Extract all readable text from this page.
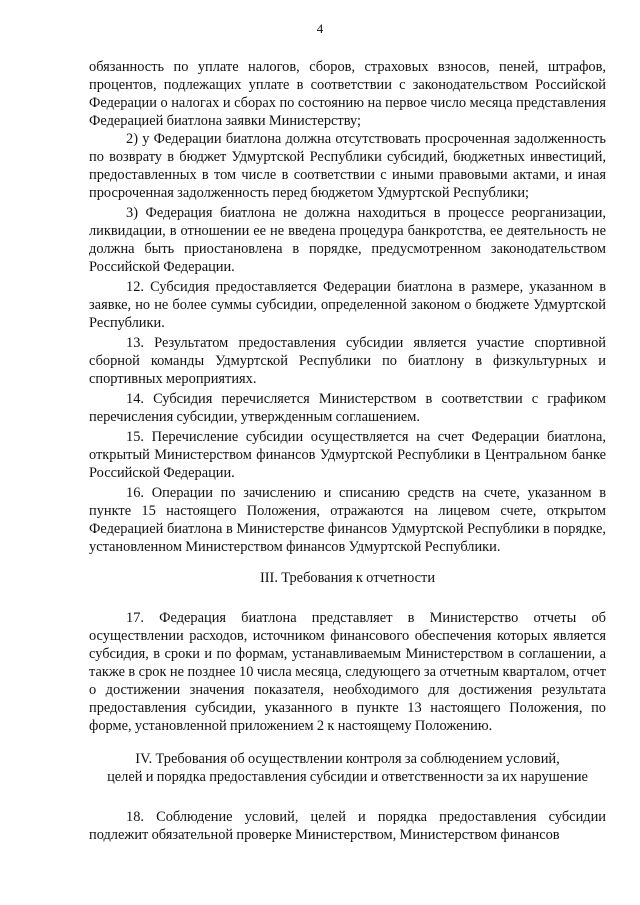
4

обязанность по уплате налогов, сборов, страховых взносов, пеней, штрафов, процентов, подлежащих уплате в соответствии с законодательством Российской Федерации о налогах и сборах по состоянию на первое число месяца представления Федерацией биатлона заявки Министерству;

2) у Федерации биатлона должна отсутствовать просроченная задолженность по возврату в бюджет Удмуртской Республики субсидий, бюджетных инвестиций, предоставленных в том числе в соответствии с иными правовыми актами, и иная просроченная задолженность перед бюджетом Удмуртской Республики;

3) Федерация биатлона не должна находиться в процессе реорганизации, ликвидации, в отношении ее не введена процедура банкротства, ее деятельность не должна быть приостановлена в порядке, предусмотренном законодательством Российской Федерации.

12. Субсидия предоставляется Федерации биатлона в размере, указанном в заявке, но не более суммы субсидии, определенной законом о бюджете Удмуртской Республики.

13. Результатом предоставления субсидии является участие спортивной сборной команды Удмуртской Республики по биатлону в физкультурных и спортивных мероприятиях.

14. Субсидия перечисляется Министерством в соответствии с графиком перечисления субсидии, утвержденным соглашением.

15. Перечисление субсидии осуществляется на счет Федерации биатлона, открытый Министерством финансов Удмуртской Республики в Центральном банке Российской Федерации.

16. Операции по зачислению и списанию средств на счете, указанном в пункте 15 настоящего Положения, отражаются на лицевом счете, открытом Федерацией биатлона в Министерстве финансов Удмуртской Республики в порядке, установленном Министерством финансов Удмуртской Республики.

III. Требования к отчетности

17. Федерация биатлона представляет в Министерство отчеты об осуществлении расходов, источником финансового обеспечения которых является субсидия, в сроки и по формам, устанавливаемым Министерством в соглашении, а также в срок не позднее 10 числа месяца, следующего за отчетным кварталом, отчет о достижении значения показателя, необходимого для достижения результата предоставления субсидии, указанного в пункте 13 настоящего Положения, по форме, установленной приложением 2 к настоящему Положению.

IV. Требования об осуществлении контроля за соблюдением условий,

целей и порядка предоставления субсидии и ответственности за их нарушение

18. Соблюдение условий, целей и порядка предоставления субсидии подлежит обязательной проверке Министерством, Министерством финансов
